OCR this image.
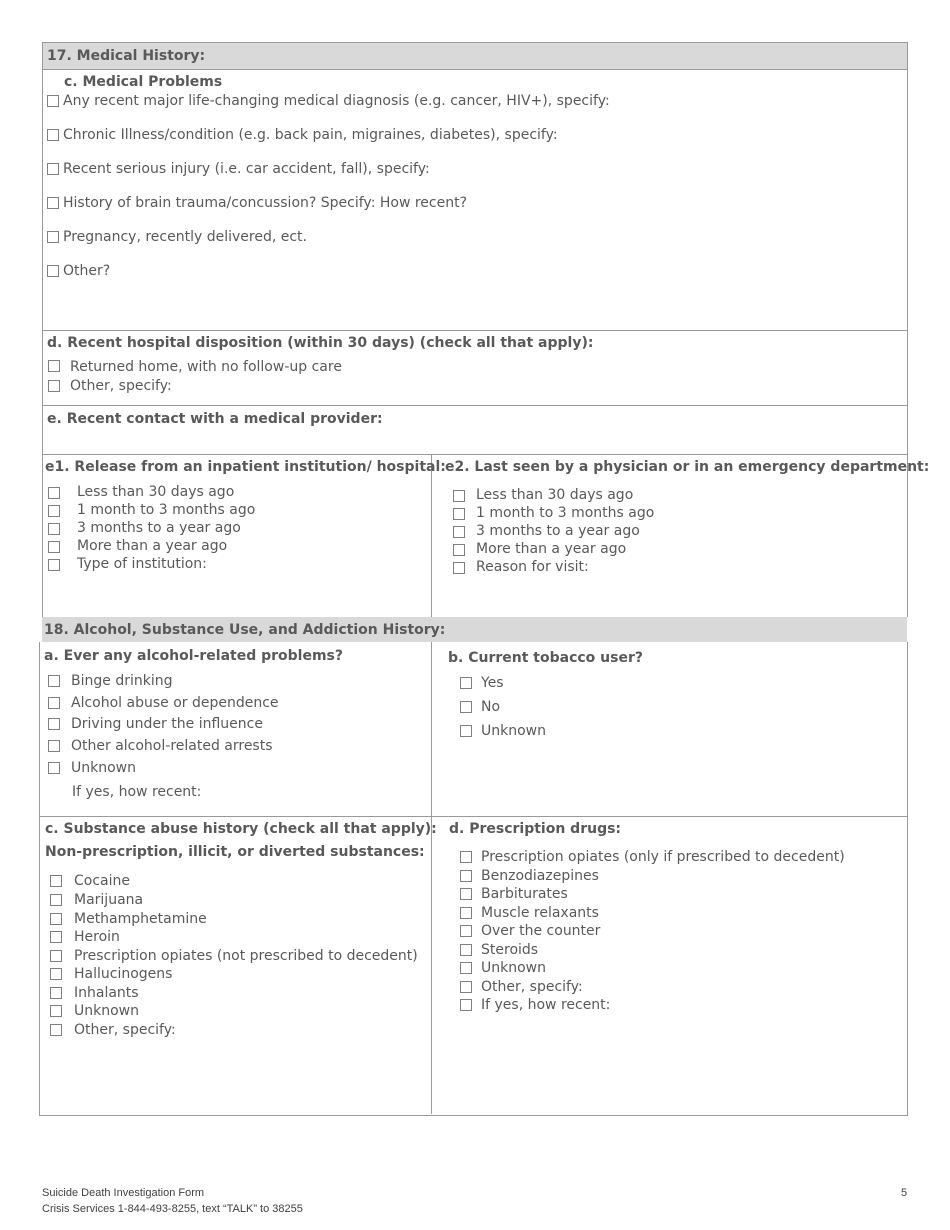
17. Medical History:
c. Medical Problems
Any recent major life-changing medical diagnosis (e.g. cancer, HIV+), specify:
Chronic Illness/condition (e.g. back pain, migraines, diabetes), specify:
Recent serious injury (i.e. car accident, fall), specify:
History of brain trauma/concussion? Specify: How recent?
Pregnancy, recently delivered, ect.
Other?
d. Recent hospital disposition (within 30 days) (check all that apply):
Returned home, with no follow-up care
Other, specify:
e. Recent contact with a medical provider:
e1. Release from an inpatient institution/ hospital:
Less than 30 days ago
1 month to 3 months ago
3 months to a year ago
More than a year ago
Type of institution:
e2. Last seen by a physician or in an emergency department:
Less than 30 days ago
1 month to 3 months ago
3 months to a year ago
More than a year ago
Reason for visit:
18. Alcohol, Substance Use, and Addiction History:
a. Ever any alcohol-related problems?
Binge drinking
Alcohol abuse or dependence
Driving under the influence
Other alcohol-related arrests
Unknown
If yes, how recent:
b. Current tobacco user?
Yes
No
Unknown
c. Substance abuse history (check all that apply):
Non-prescription, illicit, or diverted substances:
Cocaine
Marijuana
Methamphetamine
Heroin
Prescription opiates (not prescribed to decedent)
Hallucinogens
Inhalants
Unknown
Other, specify:
d. Prescription drugs:
Prescription opiates (only if prescribed to decedent)
Benzodiazepines
Barbiturates
Muscle relaxants
Over the counter
Steroids
Unknown
Other, specify:
If yes, how recent:
Suicide Death Investigation Form
Crisis Services 1-844-493-8255, text “TALK” to 38255
5
